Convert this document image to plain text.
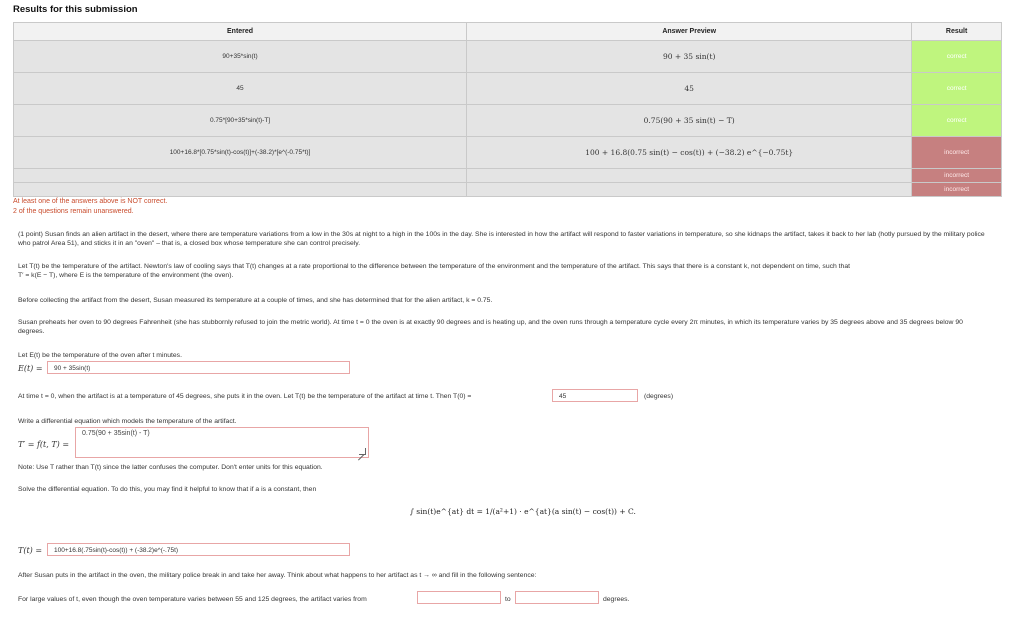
Results for this submission
Entered	Answer Preview	Result
90+35*sin(t)	90 + 35 sin(t)	correct
45	45	correct
0.75*[90+35*sin(t)-T]	0.75(90 + 35 sin(t) − T)	correct
100+16.8*[0.75*sin(t)-cos(t)]+(-38.2)*[e^(-0.75*t)]	100 + 16.8(0.75 sin(t) − cos(t)) + (−38.2) e^{−0.75t}	incorrect
		incorrect
		incorrect
At least one of the answers above is NOT correct.
2 of the questions remain unanswered.
(1 point) Susan finds an alien artifact in the desert, where there are temperature variations from a low in the 30s at night to a high in the 100s in the day. She is interested in how the artifact will respond to faster variations in temperature, so she kidnaps the artifact, takes it back to her lab (hotly pursued by the military police who patrol Area 51), and sticks it in an "oven" – that is, a closed box whose temperature she can control precisely.
Let T(t) be the temperature of the artifact. Newton's law of cooling says that T(t) changes at a rate proportional to the difference between the temperature of the environment and the temperature of the artifact. This says that there is a constant k, not dependent on time, such that
T′ = k(E − T), where E is the temperature of the environment (the oven).
Before collecting the artifact from the desert, Susan measured its temperature at a couple of times, and she has determined that for the alien artifact, k = 0.75.
Susan preheats her oven to 90 degrees Fahrenheit (she has stubbornly refused to join the metric world). At time t = 0 the oven is at exactly 90 degrees and is heating up, and the oven runs through a temperature cycle every 2π minutes, in which its temperature varies by 35 degrees above and 35 degrees below 90 degrees.
Let E(t) be the temperature of the oven after t minutes.
E(t) =	90 + 35sin(t)
At time t = 0, when the artifact is at a temperature of 45 degrees, she puts it in the oven. Let T(t) be the temperature of the artifact at time t. Then T(0) =	45	(degrees)
Write a differential equation which models the temperature of the artifact.
T′ = f(t, T) =
0.75(90 + 35sin(t) - T)
Note: Use T rather than T(t) since the latter confuses the computer. Don't enter units for this equation.
Solve the differential equation. To do this, you may find it helpful to know that if a is a constant, then
∫ sin(t)e^{at} dt = 1/(a²+1) · e^{at}(a sin(t) − cos(t)) + C.
T(t) =	100+16.8(.75sin(t)-cos(t)) + (-38.2)e^(-.75t)
After Susan puts in the artifact in the oven, the military police break in and take her away. Think about what happens to her artifact as t → ∞ and fill in the following sentence:
For large values of t, even though the oven temperature varies between 55 and 125 degrees, the artifact varies from	to	degrees.
